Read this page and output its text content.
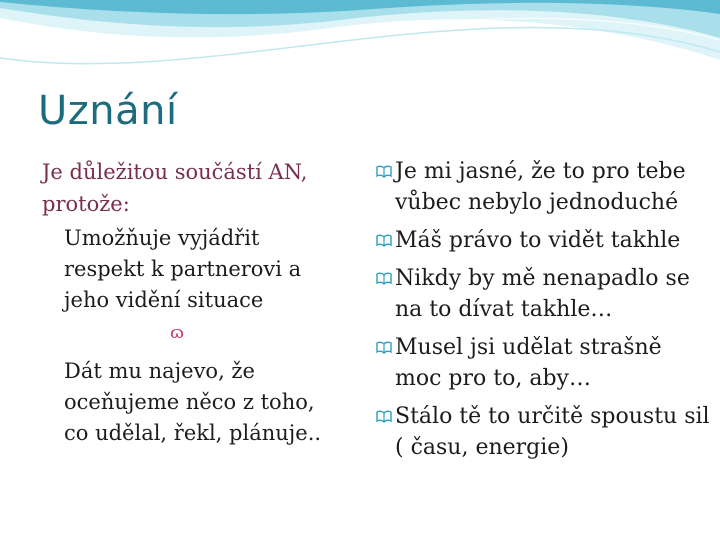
Uznání

Je důležitou součástí AN, protože:

Umožňuje vyjádřit respekt k partnerovi a jeho vidění situace

ɷ

Dát mu najevo, že oceňujeme něco z toho, co udělal, řekl, plánuje..

Je mi jasné, že to pro tebe vůbec nebylo jednoduché
Máš právo to vidět takhle
Nikdy by mě nenapadlo se na to dívat takhle…
Musel jsi udělat strašně moc pro to, aby…
Stálo tě to určitě spoustu sil ( času, energie)
